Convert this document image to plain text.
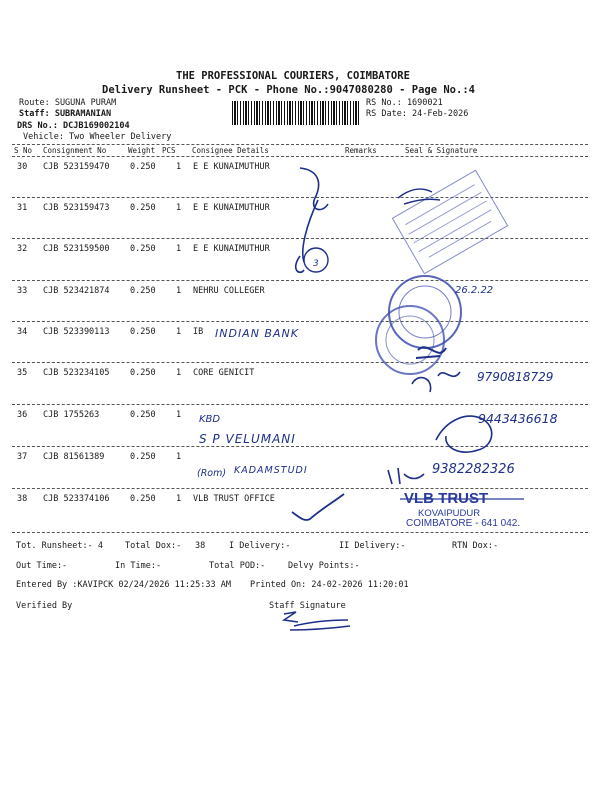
THE PROFESSIONAL COURIERS, COIMBATORE
Delivery Runsheet - PCK - Phone No.:9047080280 - Page No.:4
Route: SUGUNA PURAM
Staff: SUBRAMANIAN
DRS No.: DCJB169002104
Vehicle: Two Wheeler Delivery
RS No.: 1690021
RS Date: 24-Feb-2026
S No Consignment No	Weight PCS Consignee Details	Remarks	Seal & Signature
30 CJB 523159470 0.250 1 E E KUNAIMUTHUR
31 CJB 523159473 0.250 1 E E KUNAIMUTHUR
32 CJB 523159500 0.250 1 E E KUNAIMUTHUR
33 CJB 523421874 0.250 1 NEHRU COLLEGER
34 CJB 523390113 0.250 1 IB
35 CJB 523234105 0.250 1 CORE GENICIT
36 CJB 1755263	0.250 1
37 CJB 81561389	0.250 1
38 CJB 523374106 0.250 1 VLB TRUST OFFICE
KBD
3
INDIAN BANK
26.2.22
9790818729
S P VELUMANI
9443436618
(Rom) KADAMSTUDI	9382282326
VLB TRUST
KOVAIPUDUR
COIMBATORE - 641 042.
Tot. Runsheet:- 4	Total Dox:- 38	I Delivery:-	II Delivery:-	RTN Dox:-
Out Time:-	In Time:-	Total POD:-	Delvy Points:-
Entered By :KAVIPCK 02/24/2026 11:25:33 AM Printed On: 24-02-2026 11:20:01
Verified By	Staff Signature
